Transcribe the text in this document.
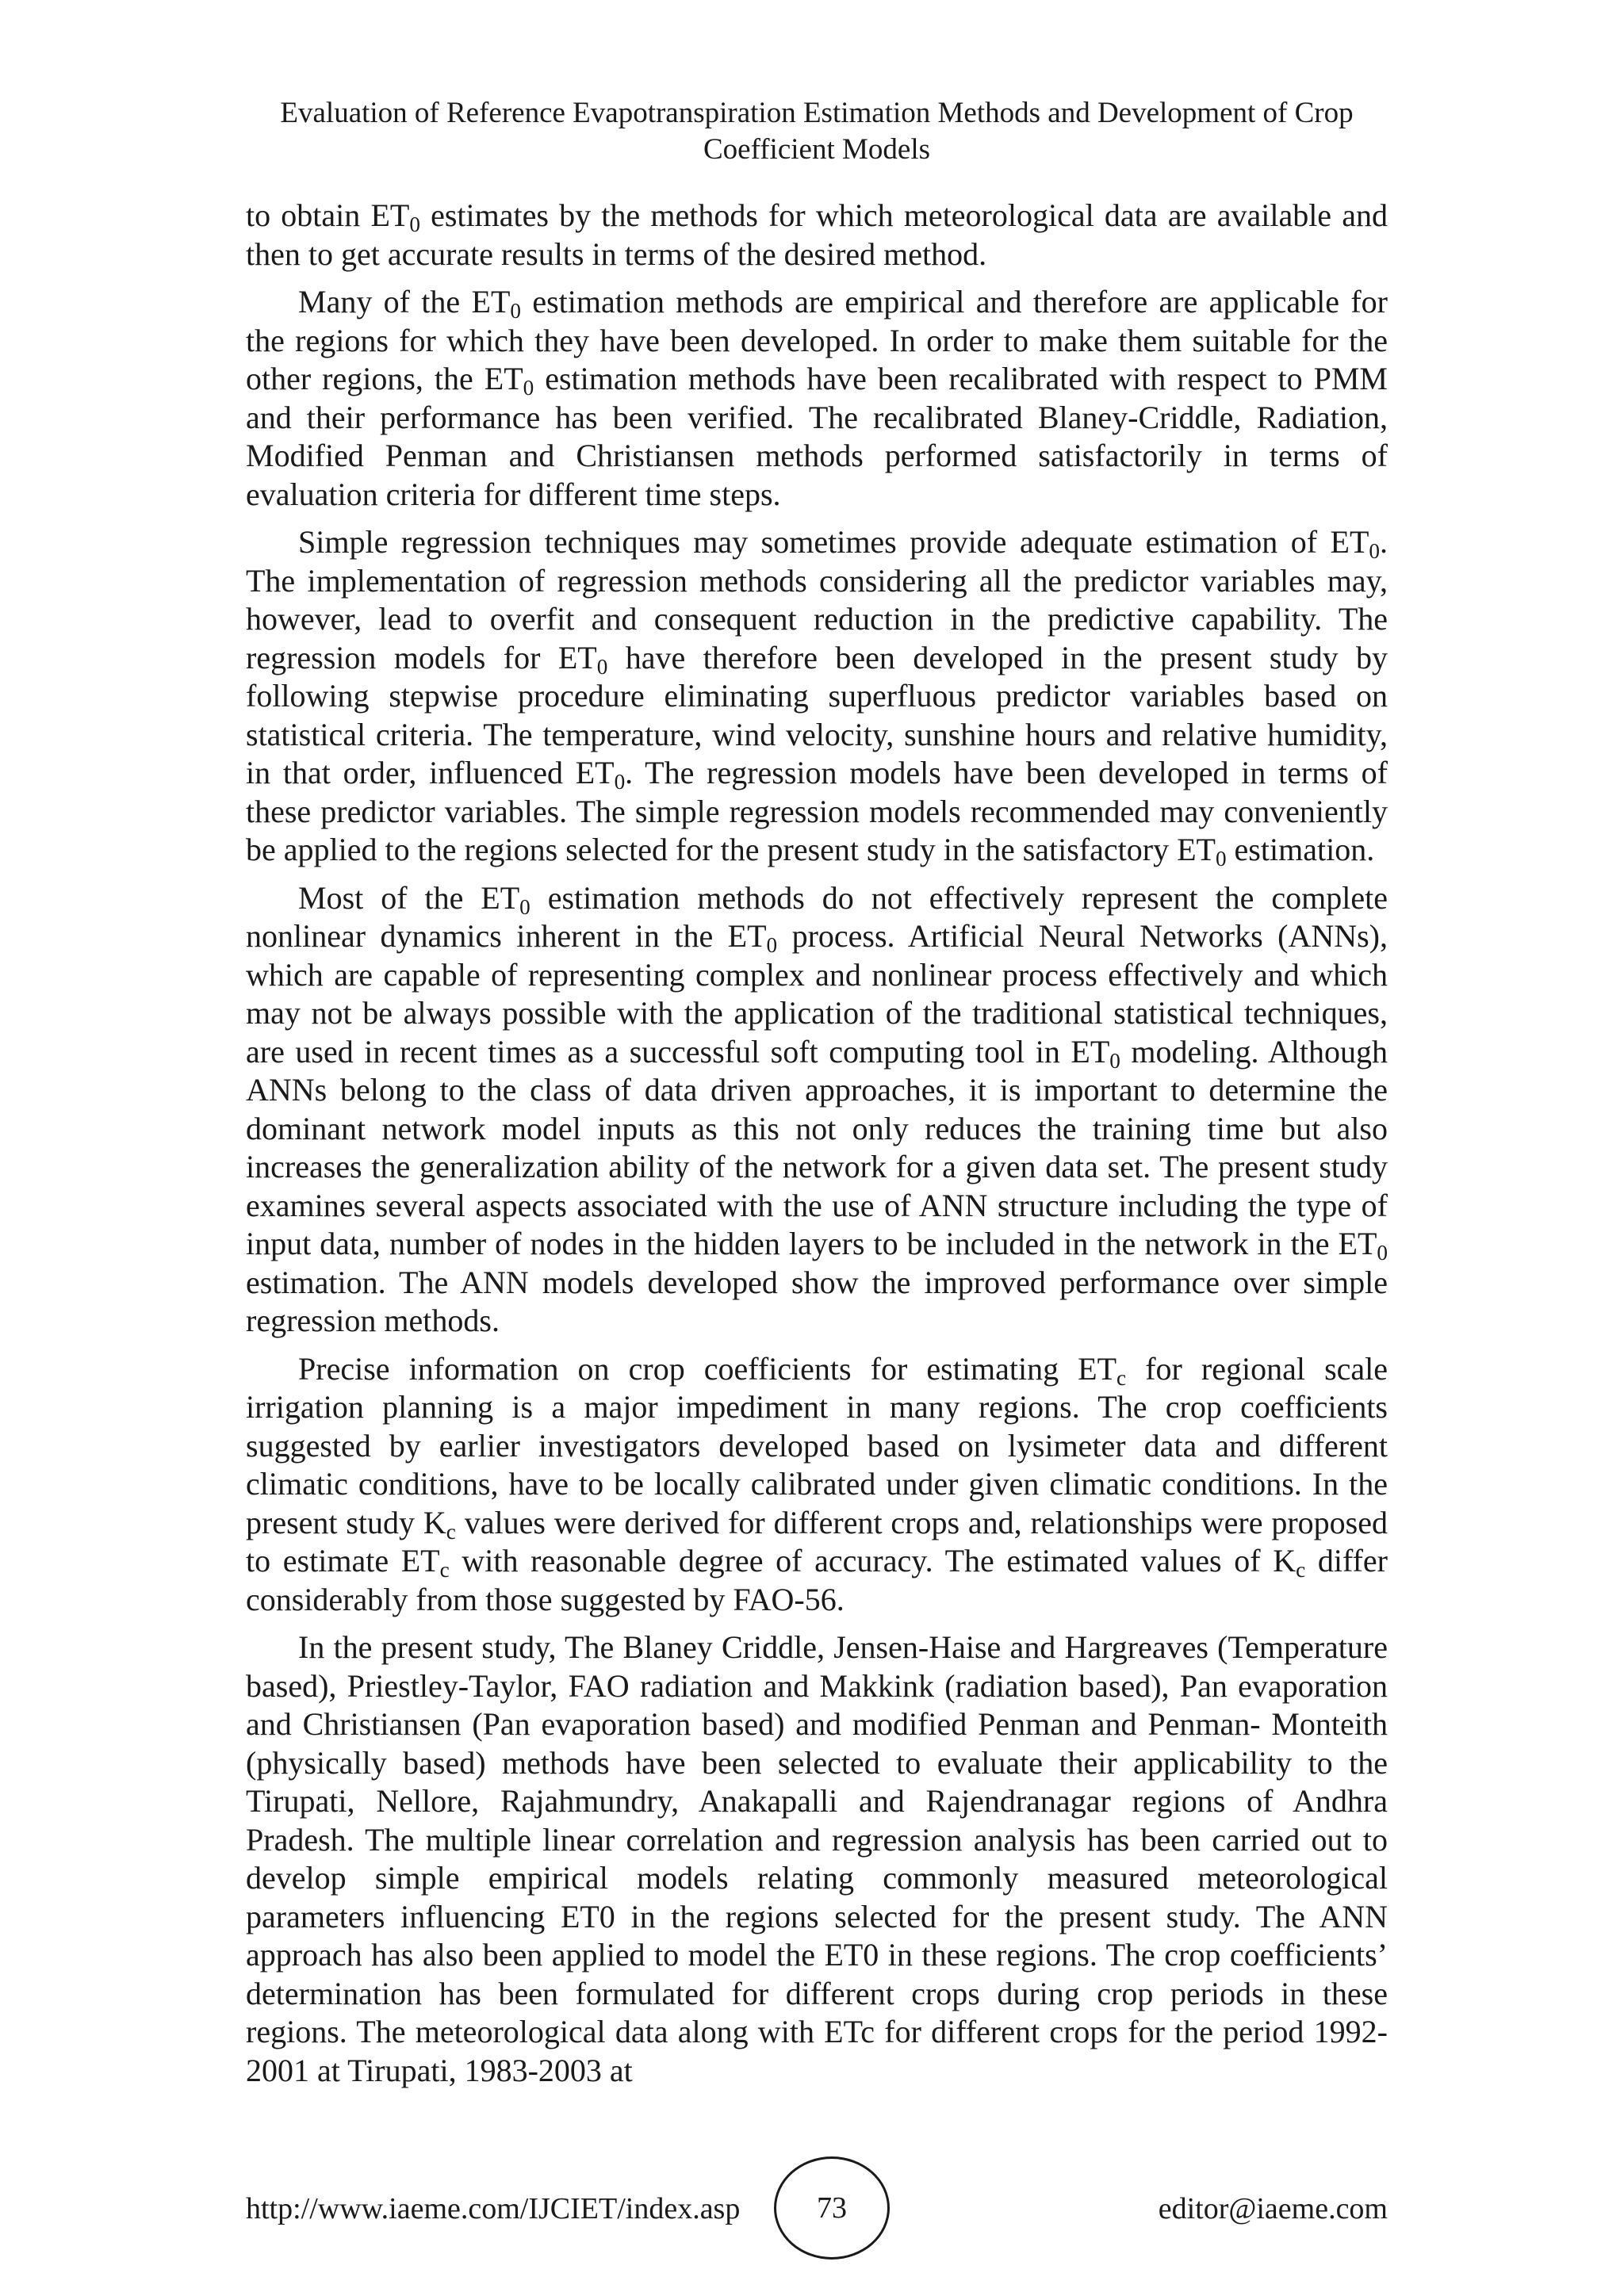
Evaluation of Reference Evapotranspiration Estimation Methods and Development of Crop
Coefficient Models

to obtain $ET_0$ estimates by the methods for which meteorological data are available and then to get accurate results in terms of the desired method.

Many of the $ET_0$ estimation methods are empirical and therefore are applicable for the regions for which they have been developed. In order to make them suitable for the other regions, the $ET_0$ estimation methods have been recalibrated with respect to PMM and their performance has been verified. The recalibrated Blaney-Criddle, Radiation, Modified Penman and Christiansen methods performed satisfactorily in terms of evaluation criteria for different time steps.

Simple regression techniques may sometimes provide adequate estimation of $ET_0$. The implementation of regression methods considering all the predictor variables may, however, lead to overfit and consequent reduction in the predictive capability. The regression models for $ET_0$ have therefore been developed in the present study by following stepwise procedure eliminating superfluous predictor variables based on statistical criteria. The temperature, wind velocity, sunshine hours and relative humidity, in that order, influenced $ET_0$. The regression models have been developed in terms of these predictor variables. The simple regression models recommended may conveniently be applied to the regions selected for the present study in the satisfactory $ET_0$ estimation.

Most of the $ET_0$ estimation methods do not effectively represent the complete nonlinear dynamics inherent in the $ET_0$ process. Artificial Neural Networks (ANNs), which are capable of representing complex and nonlinear process effectively and which may not be always possible with the application of the traditional statistical techniques, are used in recent times as a successful soft computing tool in $ET_0$ modeling. Although ANNs belong to the class of data driven approaches, it is important to determine the dominant network model inputs as this not only reduces the training time but also increases the generalization ability of the network for a given data set. The present study examines several aspects associated with the use of ANN structure including the type of input data, number of nodes in the hidden layers to be included in the network in the $ET_0$ estimation. The ANN models developed show the improved performance over simple regression methods.

Precise information on crop coefficients for estimating $ET_c$ for regional scale irrigation planning is a major impediment in many regions. The crop coefficients suggested by earlier investigators developed based on lysimeter data and different climatic conditions, have to be locally calibrated under given climatic conditions. In the present study $K_c$ values were derived for different crops and, relationships were proposed to estimate $ET_c$ with reasonable degree of accuracy. The estimated values of $K_c$ differ considerably from those suggested by FAO-56.

In the present study, The Blaney Criddle, Jensen-Haise and Hargreaves (Temperature based), Priestley-Taylor, FAO radiation and Makkink (radiation based), Pan evaporation and Christiansen (Pan evaporation based) and modified Penman and Penman- Monteith (physically based) methods have been selected to evaluate their applicability to the Tirupati, Nellore, Rajahmundry, Anakapalli and Rajendranagar regions of Andhra Pradesh. The multiple linear correlation and regression analysis has been carried out to develop simple empirical models relating commonly measured meteorological parameters influencing ET0 in the regions selected for the present study. The ANN approach has also been applied to model the ET0 in these regions. The crop coefficients’ determination has been formulated for different crops during crop periods in these regions. The meteorological data along with ETc for different crops for the period 1992-2001 at Tirupati, 1983-2003 at

http://www.iaeme.com/IJCIET/index.asp	73	editor@iaeme.com
